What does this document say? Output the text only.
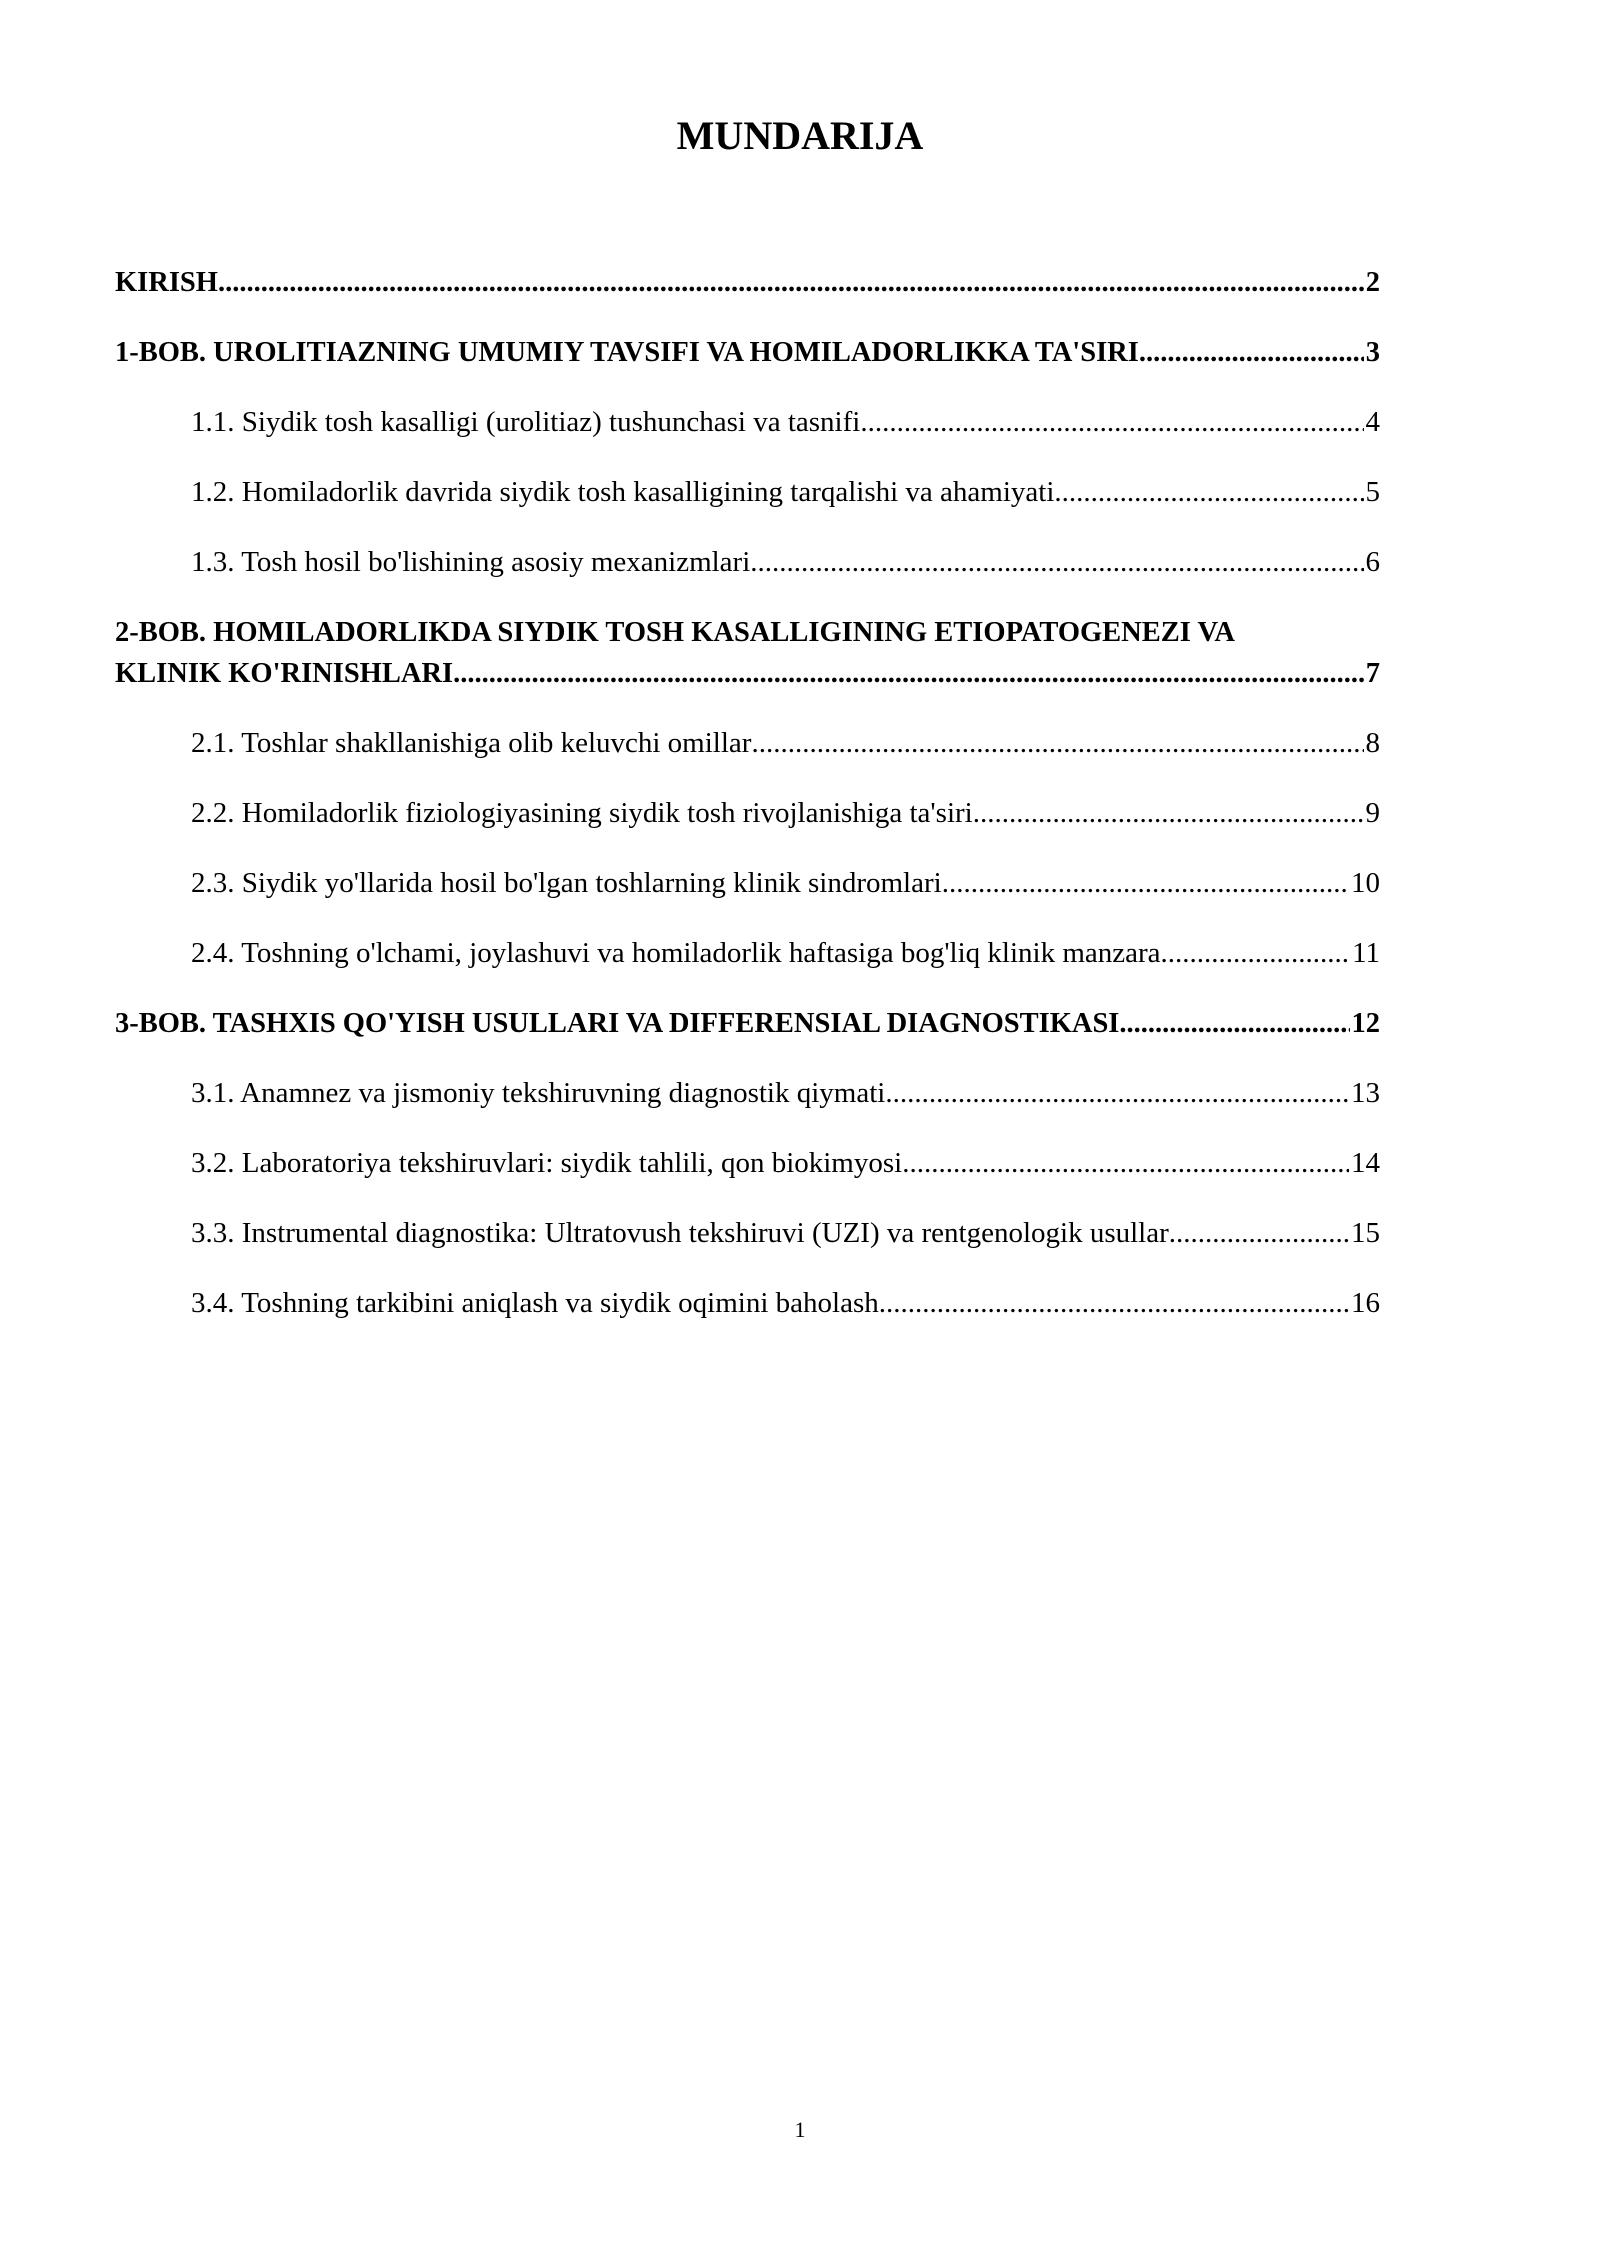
MUNDARIJA
KIRISH .....	2
1-BOB. UROLITIAZNING UMUMIY TAVSIFI VA HOMILADORLIKKA TA'SIRI .....	3
1.1. Siydik tosh kasalligi (urolitiaz) tushunchasi va tasnifi .....	4
1.2. Homiladorlik davrida siydik tosh kasalligining tarqalishi va ahamiyati .....	5
1.3. Tosh hosil bo'lishining asosiy mexanizmlari .....	6
2-BOB. HOMILADORLIKDA SIYDIK TOSH KASALLIGINING ETIOPATOGENEZI VA
KLINIK KO'RINISHLARI .....	7
2.1. Toshlar shakllanishiga olib keluvchi omillar .....	8
2.2. Homiladorlik fiziologiyasining siydik tosh rivojlanishiga ta'siri .....	9
2.3. Siydik yo'llarida hosil bo'lgan toshlarning klinik sindromlari .....	10
2.4. Toshning o'lchami, joylashuvi va homiladorlik haftasiga bog'liq klinik manzara .....	11
3-BOB. TASHXIS QO'YISH USULLARI VA DIFFERENSIAL DIAGNOSTIKASI .....	12
3.1. Anamnez va jismoniy tekshiruvning diagnostik qiymati .....	13
3.2. Laboratoriya tekshiruvlari: siydik tahlili, qon biokimyosi .....	14
3.3. Instrumental diagnostika: Ultratovush tekshiruvi (UZI) va rentgenologik usullar .....	15
3.4. Toshning tarkibini aniqlash va siydik oqimini baholash .....	16
1
